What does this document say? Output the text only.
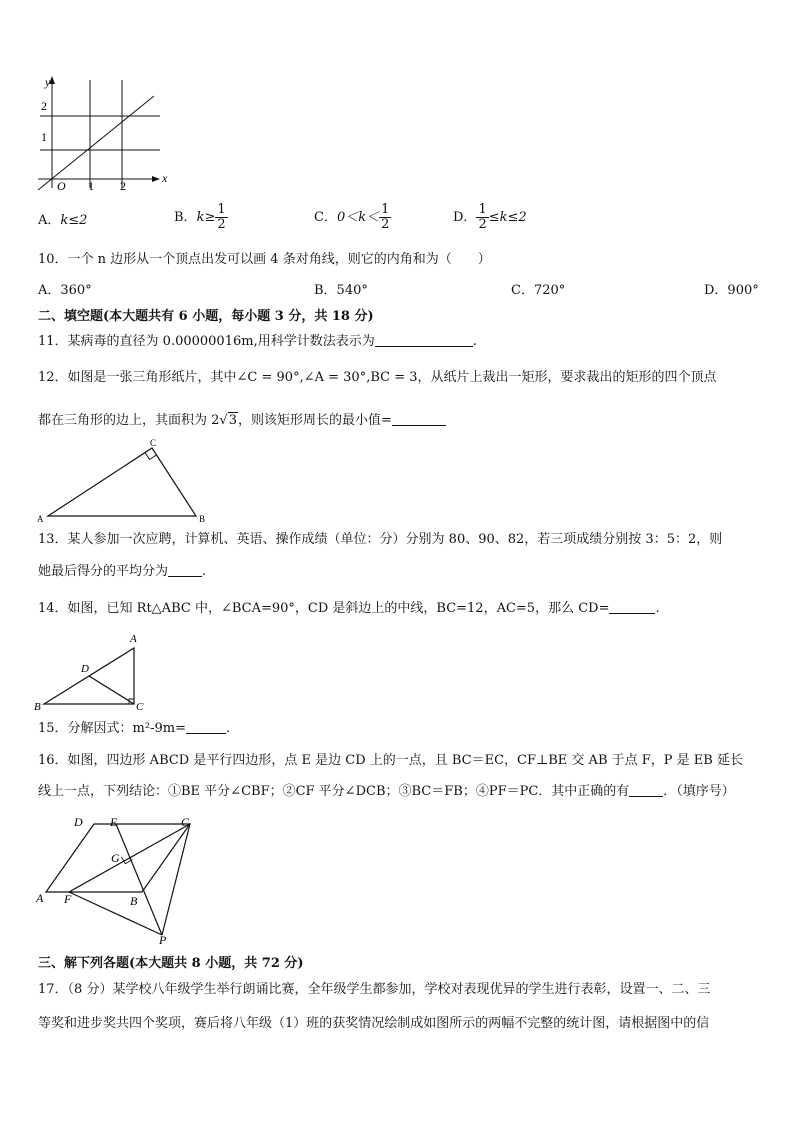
y
x
O
2
1
1 2
A．k≤2	B．$k\ge \frac{1}{2}$	C．$0<k< \frac{1}{2}$	D． $\frac{1}{2} \le k\le 2$
10．一个 n 边形从一个顶点出发可以画 4 条对角线，则它的内角和为（　　）
A．360°	B．540°	C．720°	D．900°
二、填空题(本大题共有 6 小题，每小题 3 分，共 18 分)
11．某病毒的直径为 0.00000016m,用科学计数法表示为	.
12．如图是一张三角形纸片，其中∠C = 90°,∠A = 30°,BC = 3，从纸片上裁出一矩形，要求裁出的矩形的四个顶点
都在三角形的边上，其面积为 2√3，则该矩形周长的最小值=
A	B
C
13．某人参加一次应聘，计算机、英语、操作成绩（单位：分）分别为 80、90、82，若三项成绩分别按 3：5：2，则
她最后得分的平均分为	.
14．如图，已知 Rt△ABC 中，∠BCA=90°，CD 是斜边上的中线，BC=12，AC=5，那么 CD=	.
A
B	C
D
15．分解因式：m²-9m=	.
16．如图，四边形 ABCD 是平行四边形，点 E 是边 CD 上的一点，且 BC＝EC，CF⊥BE 交 AB 于点 F，P 是 EB 延长
线上一点，下列结论：①BE 平分∠CBF；②CF 平分∠DCB；③BC＝FB；④PF＝PC．其中正确的有	．（填序号）
D E	C
G
A F	B
P
三、解下列各题(本大题共 8 小题，共 72 分)
17．（8 分）某学校八年级学生举行朗诵比赛，全年级学生都参加，学校对表现优异的学生进行表彰，设置一、二、三
等奖和进步奖共四个奖项，赛后将八年级（1）班的获奖情况绘制成如图所示的两幅不完整的统计图，请根据图中的信
